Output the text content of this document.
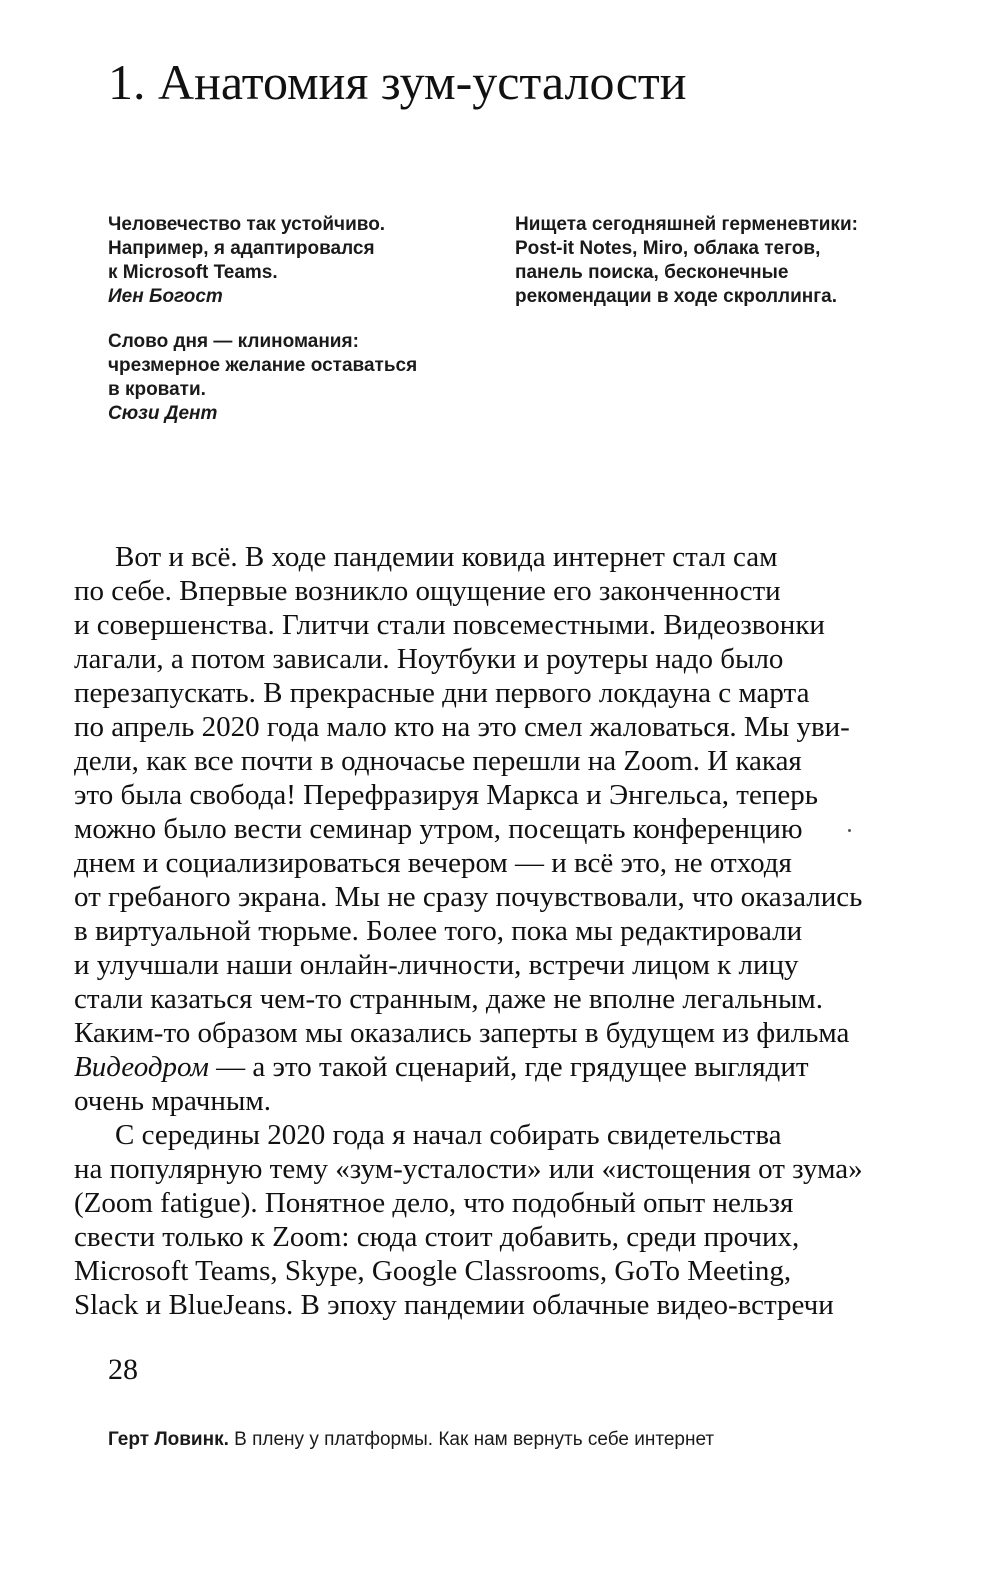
1. Анатомия зум-усталости
Человечество так устойчиво.
Например, я адаптировался
к Microsoft Teams.
Иен Богост
Слово дня — клиномания:
чрезмерное желание оставаться
в кровати.
Сюзи Дент
Нищета сегодняшней герменевтики:
Post-it Notes, Miro, облака тегов,
панель поиска, бесконечные
рекомендации в ходе скроллинга.
Вот и всё. В ходе пандемии ковида интернет стал сам
по себе. Впервые возникло ощущение его законченности
и совершенства. Глитчи стали повсеместными. Видеозвонки
лагали, а потом зависали. Ноутбуки и роутеры надо было
перезапускать. В прекрасные дни первого локдауна с марта
по апрель 2020 года мало кто на это смел жаловаться. Мы уви-
дели, как все почти в одночасье перешли на Zoom. И какая
это была свобода! Перефразируя Маркса и Энгельса, теперь
можно было вести семинар утром, посещать конференцию
днем и социализироваться вечером — и всё это, не отходя
от гребаного экрана. Мы не сразу почувствовали, что оказались
в виртуальной тюрьме. Более того, пока мы редактировали
и улучшали наши онлайн-личности, встречи лицом к лицу
стали казаться чем-то странным, даже не вполне легальным.
Каким-то образом мы оказались заперты в будущем из фильма
Видеодром — а это такой сценарий, где грядущее выглядит
очень мрачным.
С середины 2020 года я начал собирать свидетельства
на популярную тему «зум-усталости» или «истощения от зума»
(Zoom fatigue). Понятное дело, что подобный опыт нельзя
свести только к Zoom: сюда стоит добавить, среди прочих,
Microsoft Teams, Skype, Google Classrooms, GoTo Meeting,
Slack и BlueJeans. В эпоху пандемии облачные видео-встречи
28
Герт Ловинк. В плену у платформы. Как нам вернуть себе интернет
